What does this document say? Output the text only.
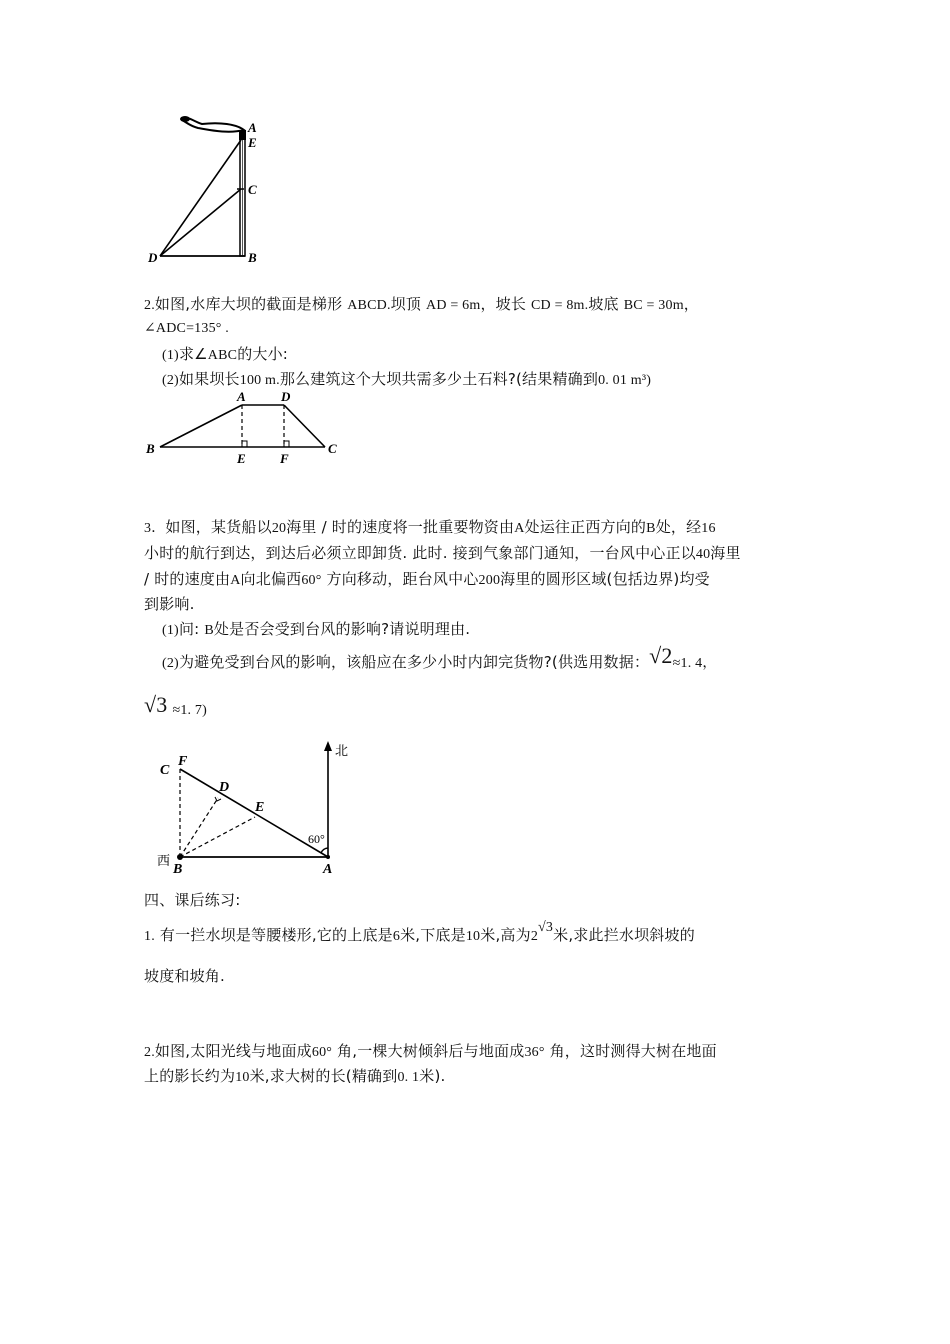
A
E
C
D	B
2.如图,水库大坝的截面是梯形 ABCD.坝顶 AD = 6m，坡长 CD = 8m.坡底 BC = 30m，
∠ADC=135° .
(1)求∠ABC的大小:
(2)如果坝长100 m.那么建筑这个大坝共需多少土石料?(结果精确到0. 01 m³)
A	D
B
E	F
C
3．如图，某货船以20海里 / 时的速度将一批重要物资由A处运往正西方向的B处，经16
小时的航行到达，到达后必须立即卸货. 此时. 接到气象部门通知，一台风中心正以40海里
/ 时的速度由A向北偏西60° 方向移动，距台风中心200海里的圆形区域(包括边界)均受
到影响.
(1)问: B处是否会受到台风的影响?请说明理由.
(2)为避免受到台风的影响，该船应在多少小时内卸完货物?(供选用数据：√2≈1. 4，
√3 ≈1. 7)
C
F
D
E
B	A
西
北
60°
四、课后练习:
1. 有一拦水坝是等腰楼形,它的上底是6米,下底是10米,高为2√3米,求此拦水坝斜坡的
坡度和坡角.
2.如图,太阳光线与地面成60° 角,一棵大树倾斜后与地面成36° 角，这时测得大树在地面
上的影长约为10米,求大树的长(精确到0. 1米).
